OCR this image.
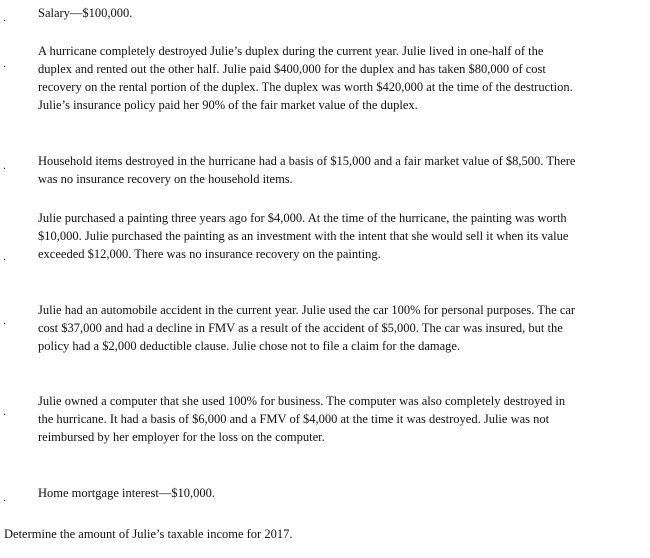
.	Salary—$100,000.

.

A hurricane completely destroyed Julie’s duplex during the current year. Julie lived in one-half of the duplex and rented out the other half. Julie paid $400,000 for the duplex and has taken $80,000 of cost recovery on the rental portion of the duplex. The duplex was worth $420,000 at the time of the destruction. Julie’s insurance policy paid her 90% of the fair market value of the duplex.

.	Household items destroyed in the hurricane had a basis of $15,000 and a fair market value of $8,500. There was no insurance recovery on the household items.

.

Julie purchased a painting three years ago for $4,000. At the time of the hurricane, the painting was worth $10,000. Julie purchased the painting as an investment with the intent that she would sell it when its value exceeded $12,000. There was no insurance recovery on the painting.

.

Julie had an automobile accident in the current year. Julie used the car 100% for personal purposes. The car cost $37,000 and had a decline in FMV as a result of the accident of $5,000. The car was insured, but the policy had a $2,000 deductible clause. Julie chose not to file a claim for the damage.

.

Julie owned a computer that she used 100% for business. The computer was also completely destroyed in the hurricane. It had a basis of $6,000 and a FMV of $4,000 at the time it was destroyed. Julie was not reimbursed by her employer for the loss on the computer.

.	Home mortgage interest—$10,000.

Determine the amount of Julie’s taxable income for 2017.
